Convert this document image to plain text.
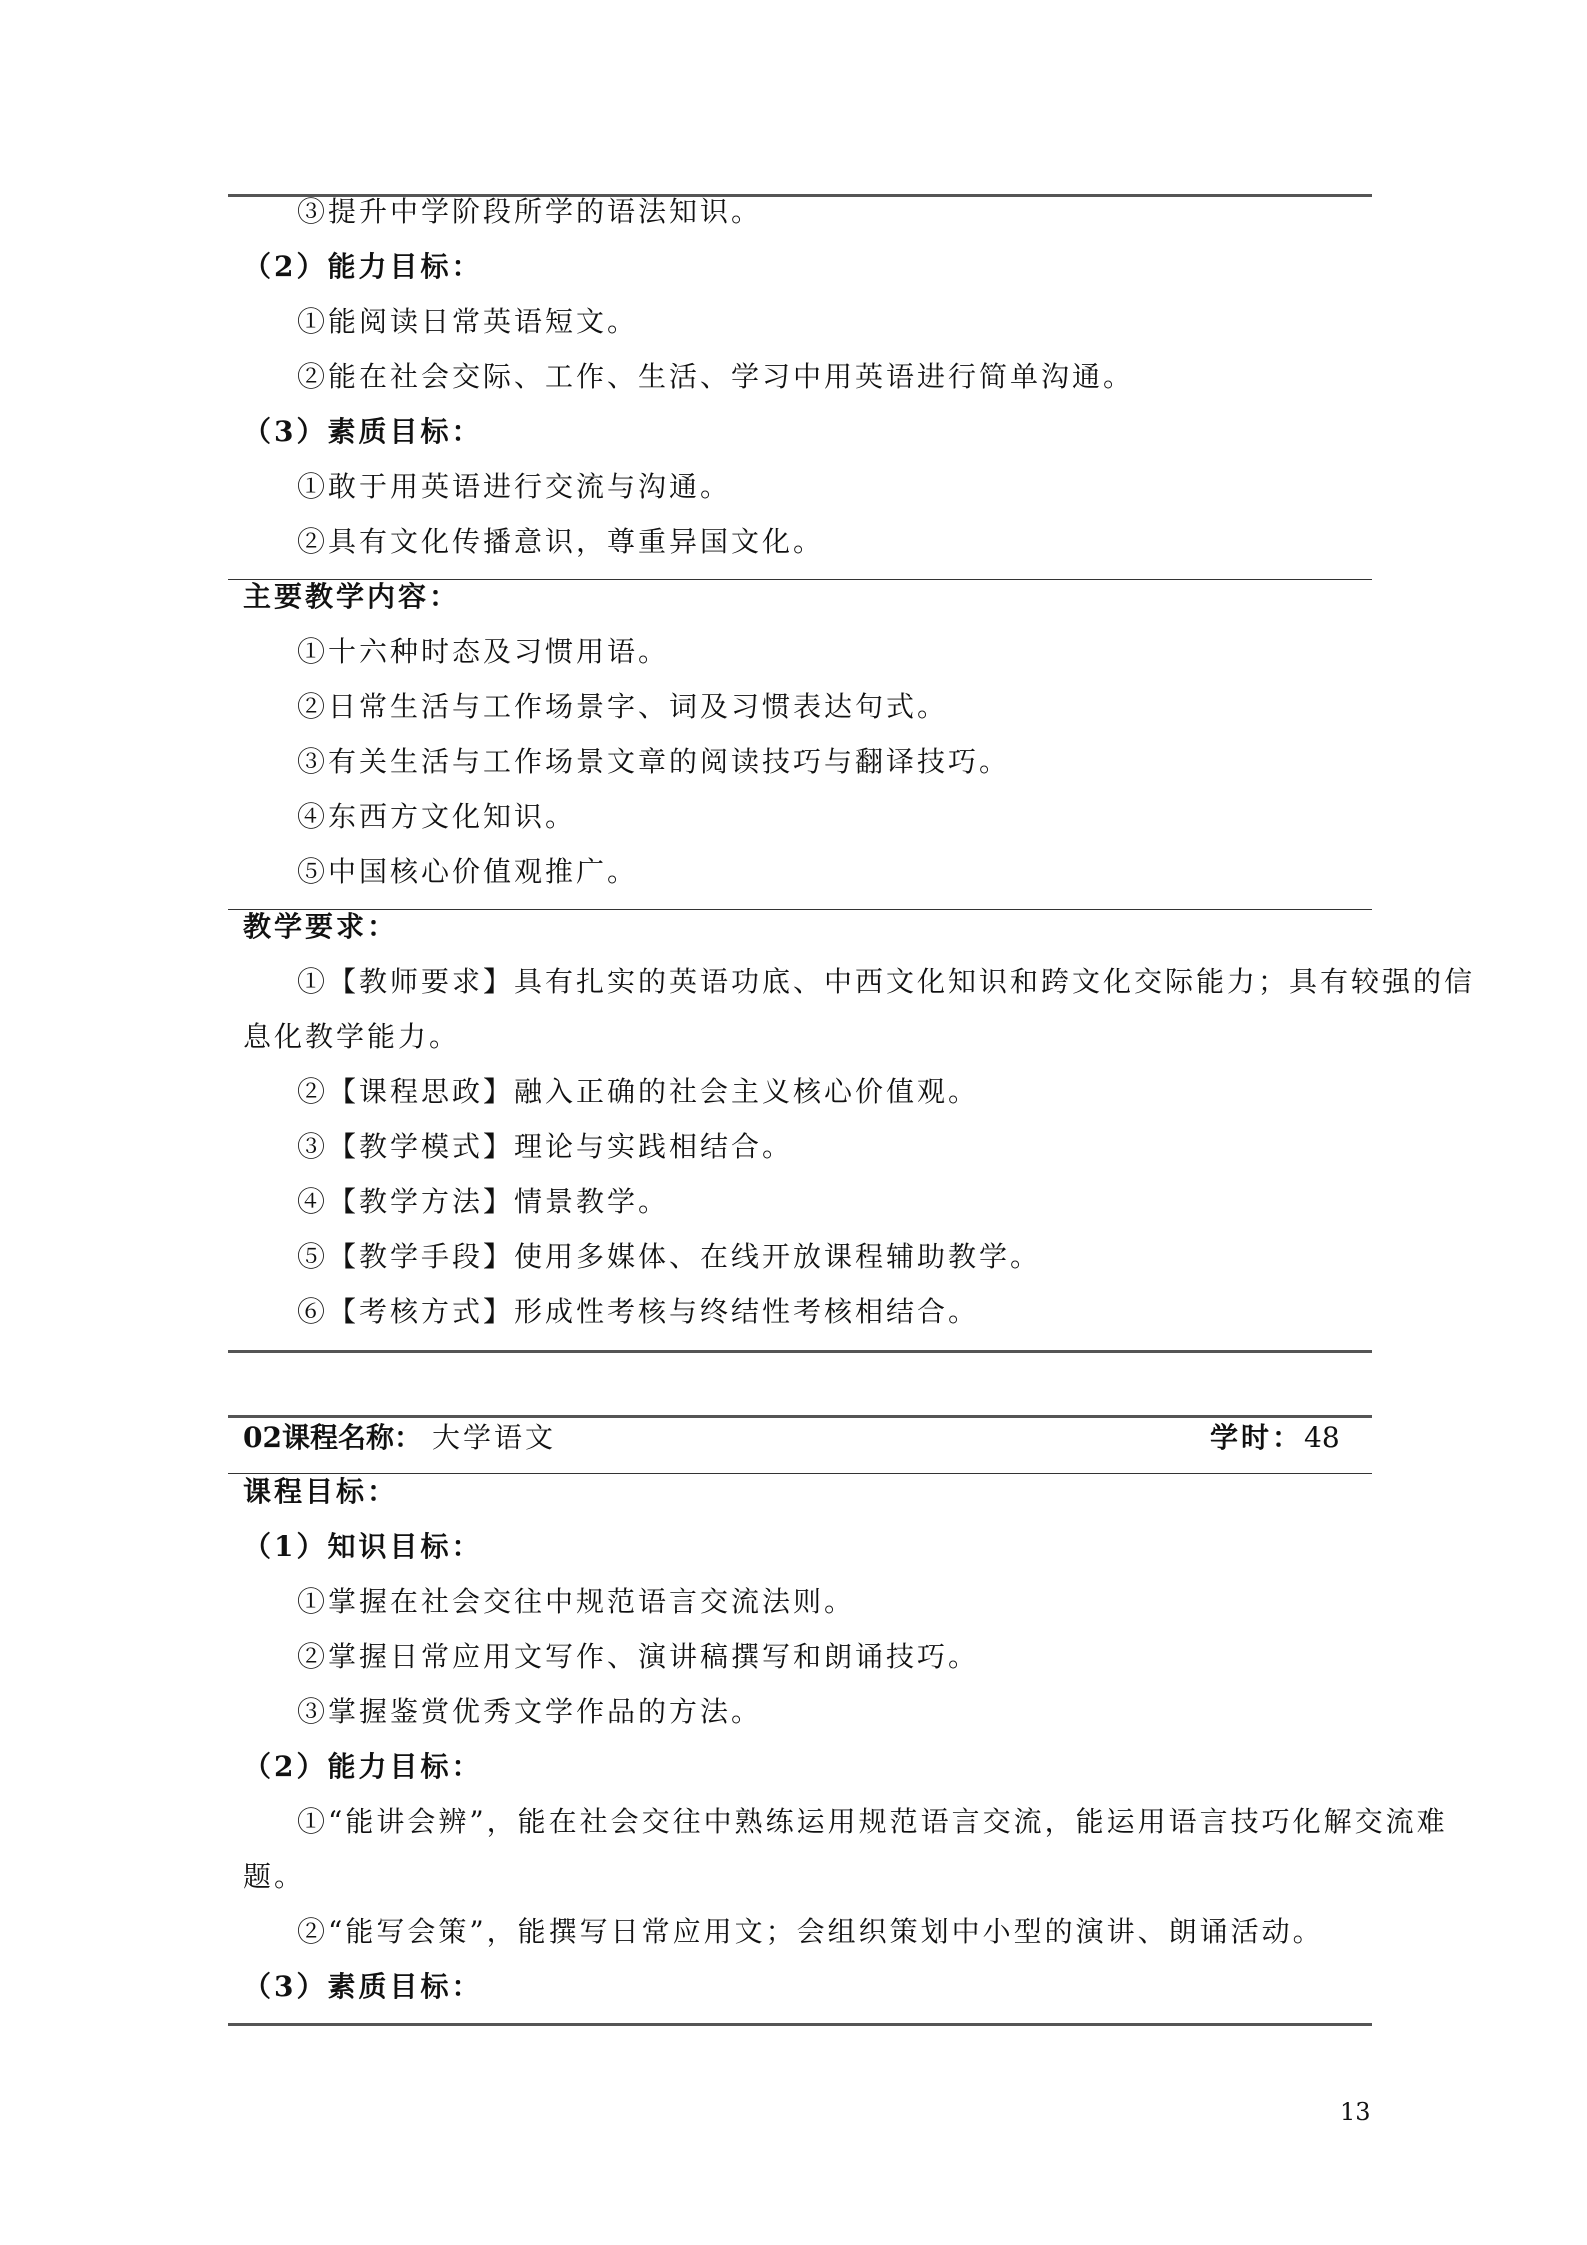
③提升中学阶段所学的语法知识。
（2）能力目标：
①能阅读日常英语短文。
②能在社会交际、工作、生活、学习中用英语进行简单沟通。
（3）素质目标：
①敢于用英语进行交流与沟通。
②具有文化传播意识，尊重异国文化。
主要教学内容：
①十六种时态及习惯用语。
②日常生活与工作场景字、词及习惯表达句式。
③有关生活与工作场景文章的阅读技巧与翻译技巧。
④东西方文化知识。
⑤中国核心价值观推广。
教学要求：
①【教师要求】具有扎实的英语功底、中西文化知识和跨文化交际能力；具有较强的信
息化教学能力。
②【课程思政】融入正确的社会主义核心价值观。
③【教学模式】理论与实践相结合。
④【教学方法】情景教学。
⑤【教学手段】使用多媒体、在线开放课程辅助教学。
⑥【考核方式】形成性考核与终结性考核相结合。
02课程名称： 大学语文	学时： 48
课程目标：
（1）知识目标：
①掌握在社会交往中规范语言交流法则。
②掌握日常应用文写作、演讲稿撰写和朗诵技巧。
③掌握鉴赏优秀文学作品的方法。
（2）能力目标：
①“能讲会辨”，能在社会交往中熟练运用规范语言交流，能运用语言技巧化解交流难
题。
②“能写会策”，能撰写日常应用文；会组织策划中小型的演讲、朗诵活动。
（3）素质目标：
13
